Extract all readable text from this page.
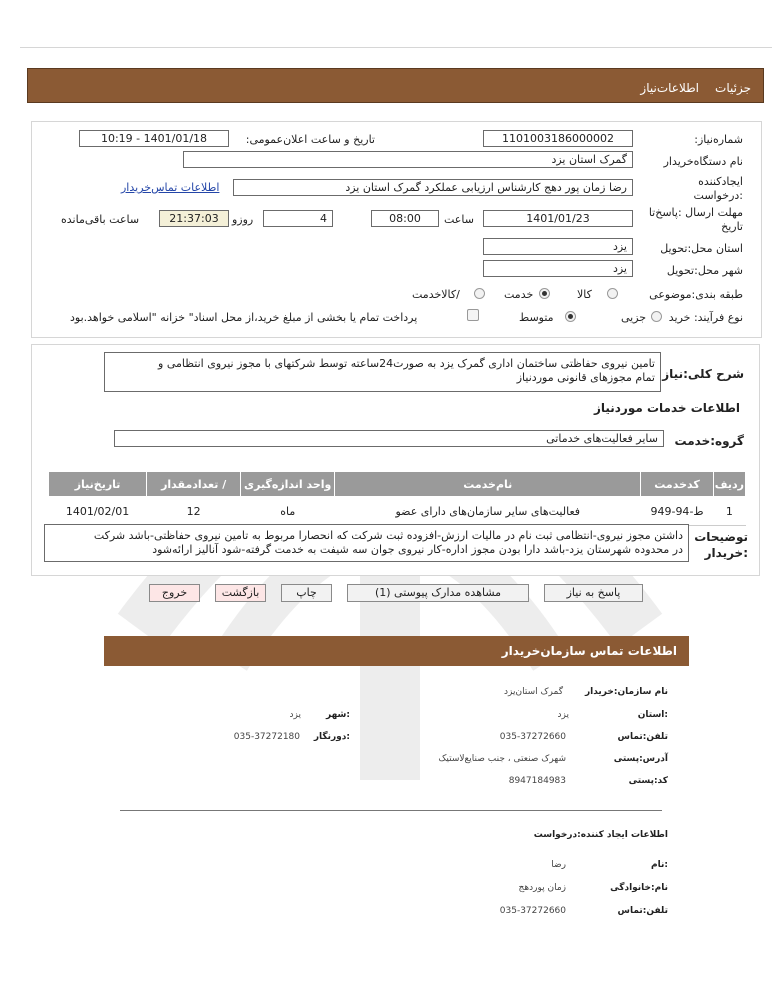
جزئیات
اطلاعات‌نیاز
شماره‌نیاز:
1101003186000002
تاریخ و ساعت اعلان‌عمومی:
1401/01/18 - 10:19
نام دستگاه‌خریدار
گمرک استان یزد
ایجادکننده
:درخواست
رضا زمان پور دهج کارشناس ارزیابی عملکرد گمرک استان یزد
اطلاعات تماس‌خریدار
مهلت ارسال :پاسخ‌تا
تاریخ
1401/01/23
ساعت
08:00
4
روزو
21:37:03
ساعت باقی‌مانده
استان محل:تحویل
یزد
شهر محل:تحویل
یزد
طبقه بندی:موضوعی
کالا
خدمت
/کالاخدمت
نوع فرآیند: خرید
جزیی
متوسط
پرداخت تمام یا بخشی از مبلغ خرید،از محل اسناد" خزانه "اسلامی خواهد.بود
شرح کلی:نیاز
تامین نیروی حفاظتی ساختمان اداری گمرک یزد به صورت24ساعته توسط شرکتهای با مجوز نیروی انتظامی و
تمام مجوزهای قانونی موردنیاز
اطلاعات خدمات موردنیاز
گروه:خدمت
سایر فعالیت‌های خدماتی
ردیف	کدخدمت	نام‌خدمت	واحد اندازه‌گیری	/ تعدادمقدار	تاریخ‌نیاز
1	ط-94-949	فعالیت‌های سایر سازمان‌های دارای عضو	ماه	12	1401/02/01
توضیحات
:خریدار
داشتن مجوز نیروی-انتظامی ثبت نام در مالیات ارزش-افزوده ثبت شرکت که انحصارا مربوط به تامین نیروی حفاظتی-باشد شرکت
در محدوده شهرستان یزد-باشد دارا بودن مجوز اداره-کار نیروی جوان سه شیفت به خدمت گرفته-شود آنالیز ارائه‌شود
پاسخ به نیاز
مشاهده مدارک پیوستی (1)
چاپ
بازگشت
خروج
اطلاعات تماس سازمان‌خریدار
نام سازمان:خریدار
گمرک استان‌یزد
:استان
یزد
:شهر
یزد
تلفن:تماس
035-37272660
:دورنگار
035-37272180
آدرس:پستی
شهرک صنعتی ، جنب صنایع‌لاستیک
کد:پستی
8947184983
اطلاعات ایجاد کننده:درخواست
:نام
رضا
نام:خانوادگی
زمان پوردهج
تلفن:تماس
035-37272660
